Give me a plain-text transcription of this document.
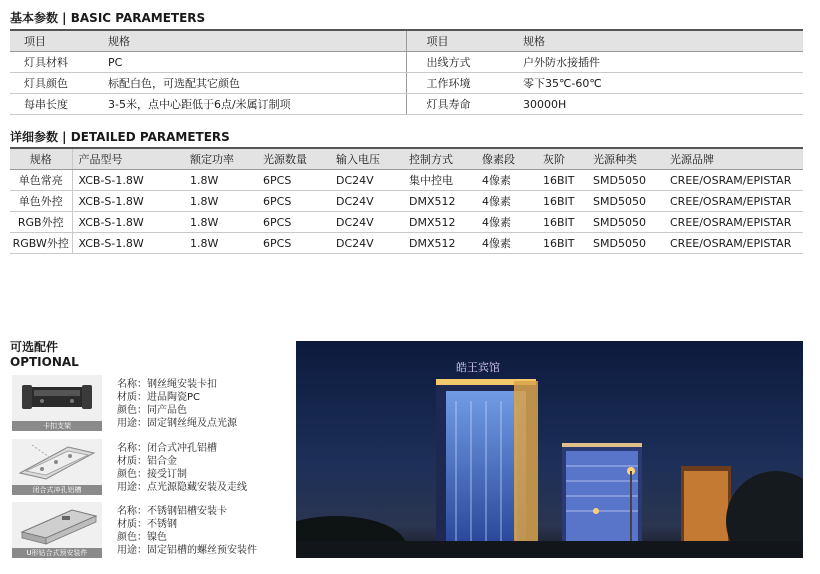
基本参数 | BASIC PARAMETERS
项目	规格	项目	规格
灯具材料	PC	出线方式	户外防水接插件
灯具颜色	标配白色，可选配其它颜色	工作环境	零下35℃-60℃
每串长度	3-5米，点中心距低于6点/米属订制项	灯具寿命	30000H
详细参数 | DETAILED PARAMETERS
规格	产品型号	额定功率	光源数量	输入电压	控制方式	像素段	灰阶	光源种类	光源品牌
单色常亮	XCB-S-1.8W	1.8W	6PCS	DC24V	集中控电	4像素	16BIT	SMD5050	CREE/OSRAM/EPISTAR
单色外控	XCB-S-1.8W	1.8W	6PCS	DC24V	DMX512	4像素	16BIT	SMD5050	CREE/OSRAM/EPISTAR
RGB外控	XCB-S-1.8W	1.8W	6PCS	DC24V	DMX512	4像素	16BIT	SMD5050	CREE/OSRAM/EPISTAR
RGBW外控	XCB-S-1.8W	1.8W	6PCS	DC24V	DMX512	4像素	16BIT	SMD5050	CREE/OSRAM/EPISTAR
可选配件
OPTIONAL
卡扣支架
名称：钢丝绳安装卡扣
材质：进品陶瓷PC
颜色：同产品色
用途：固定钢丝绳及点光源
闭合式冲孔铝槽
名称：闭合式冲孔铝槽
材质：铝合金
颜色：接受订制
用途：点光源隐藏安装及走线
U形钻合式预安装件
名称：不锈钢铝槽安装卡
材质：不锈钢
颜色：镍色
用途：固定铝槽的螺丝预安装件
皓王宾馆
